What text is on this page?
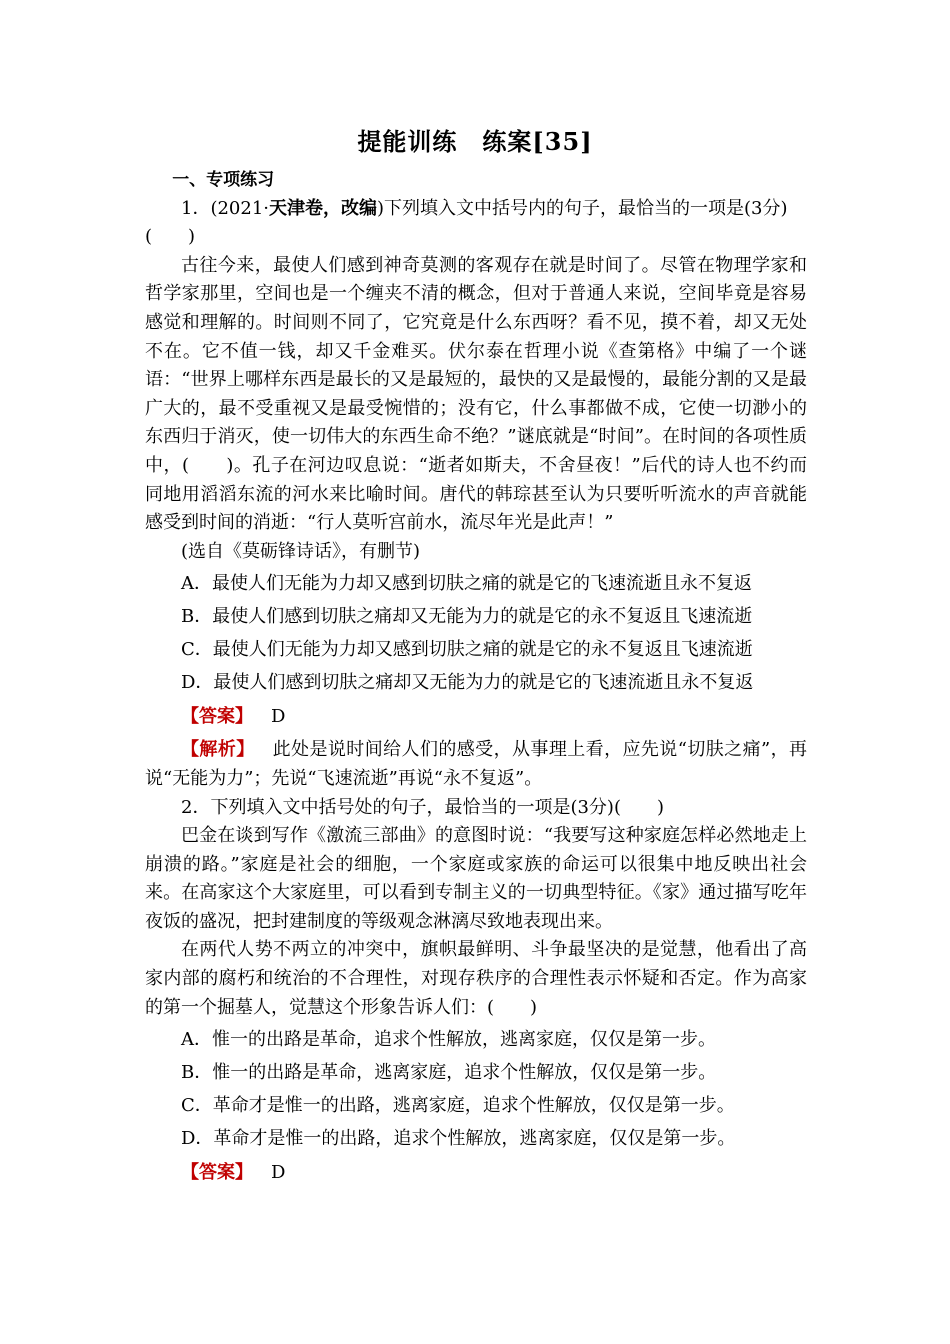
提能训练　练案[35]

一、专项练习

1．(2021·天津卷，改编)下列填入文中括号内的句子，最恰当的一项是(3分)(　　)

古往今来，最使人们感到神奇莫测的客观存在就是时间了。尽管在物理学家和哲学家那里，空间也是一个缠夹不清的概念，但对于普通人来说，空间毕竟是容易感觉和理解的。时间则不同了，它究竟是什么东西呀？看不见，摸不着，却又无处不在。它不值一钱，却又千金难买。伏尔泰在哲理小说《查第格》中编了一个谜语：“世界上哪样东西是最长的又是最短的，最快的又是最慢的，最能分割的又是最广大的，最不受重视又是最受惋惜的；没有它，什么事都做不成，它使一切渺小的东西归于消灭，使一切伟大的东西生命不绝？”谜底就是“时间”。在时间的各项性质中，(　　)。孔子在河边叹息说：“逝者如斯夫，不舍昼夜！”后代的诗人也不约而同地用滔滔东流的河水来比喻时间。唐代的韩琮甚至认为只要听听流水的声音就能感受到时间的消逝：“行人莫听宫前水，流尽年光是此声！”

(选自《莫砺锋诗话》，有删节)

A．最使人们无能为力却又感到切肤之痛的就是它的飞速流逝且永不复返

B．最使人们感到切肤之痛却又无能为力的就是它的永不复返且飞速流逝

C．最使人们无能为力却又感到切肤之痛的就是它的永不复返且飞速流逝

D．最使人们感到切肤之痛却又无能为力的就是它的飞速流逝且永不复返

【答案】 D

【解析】 此处是说时间给人们的感受，从事理上看，应先说“切肤之痛”，再说“无能为力”；先说“飞速流逝”再说“永不复返”。

2．下列填入文中括号处的句子，最恰当的一项是(3分)(　　)

巴金在谈到写作《激流三部曲》的意图时说：“我要写这种家庭怎样必然地走上崩溃的路。”家庭是社会的细胞，一个家庭或家族的命运可以很集中地反映出社会来。在高家这个大家庭里，可以看到专制主义的一切典型特征。《家》通过描写吃年夜饭的盛况，把封建制度的等级观念淋漓尽致地表现出来。

在两代人势不两立的冲突中，旗帜最鲜明、斗争最坚决的是觉慧，他看出了高家内部的腐朽和统治的不合理性，对现存秩序的合理性表示怀疑和否定。作为高家的第一个掘墓人，觉慧这个形象告诉人们：(　　)

A．惟一的出路是革命，追求个性解放，逃离家庭，仅仅是第一步。

B．惟一的出路是革命，逃离家庭，追求个性解放，仅仅是第一步。

C．革命才是惟一的出路，逃离家庭，追求个性解放，仅仅是第一步。

D．革命才是惟一的出路，追求个性解放，逃离家庭，仅仅是第一步。

【答案】 D
